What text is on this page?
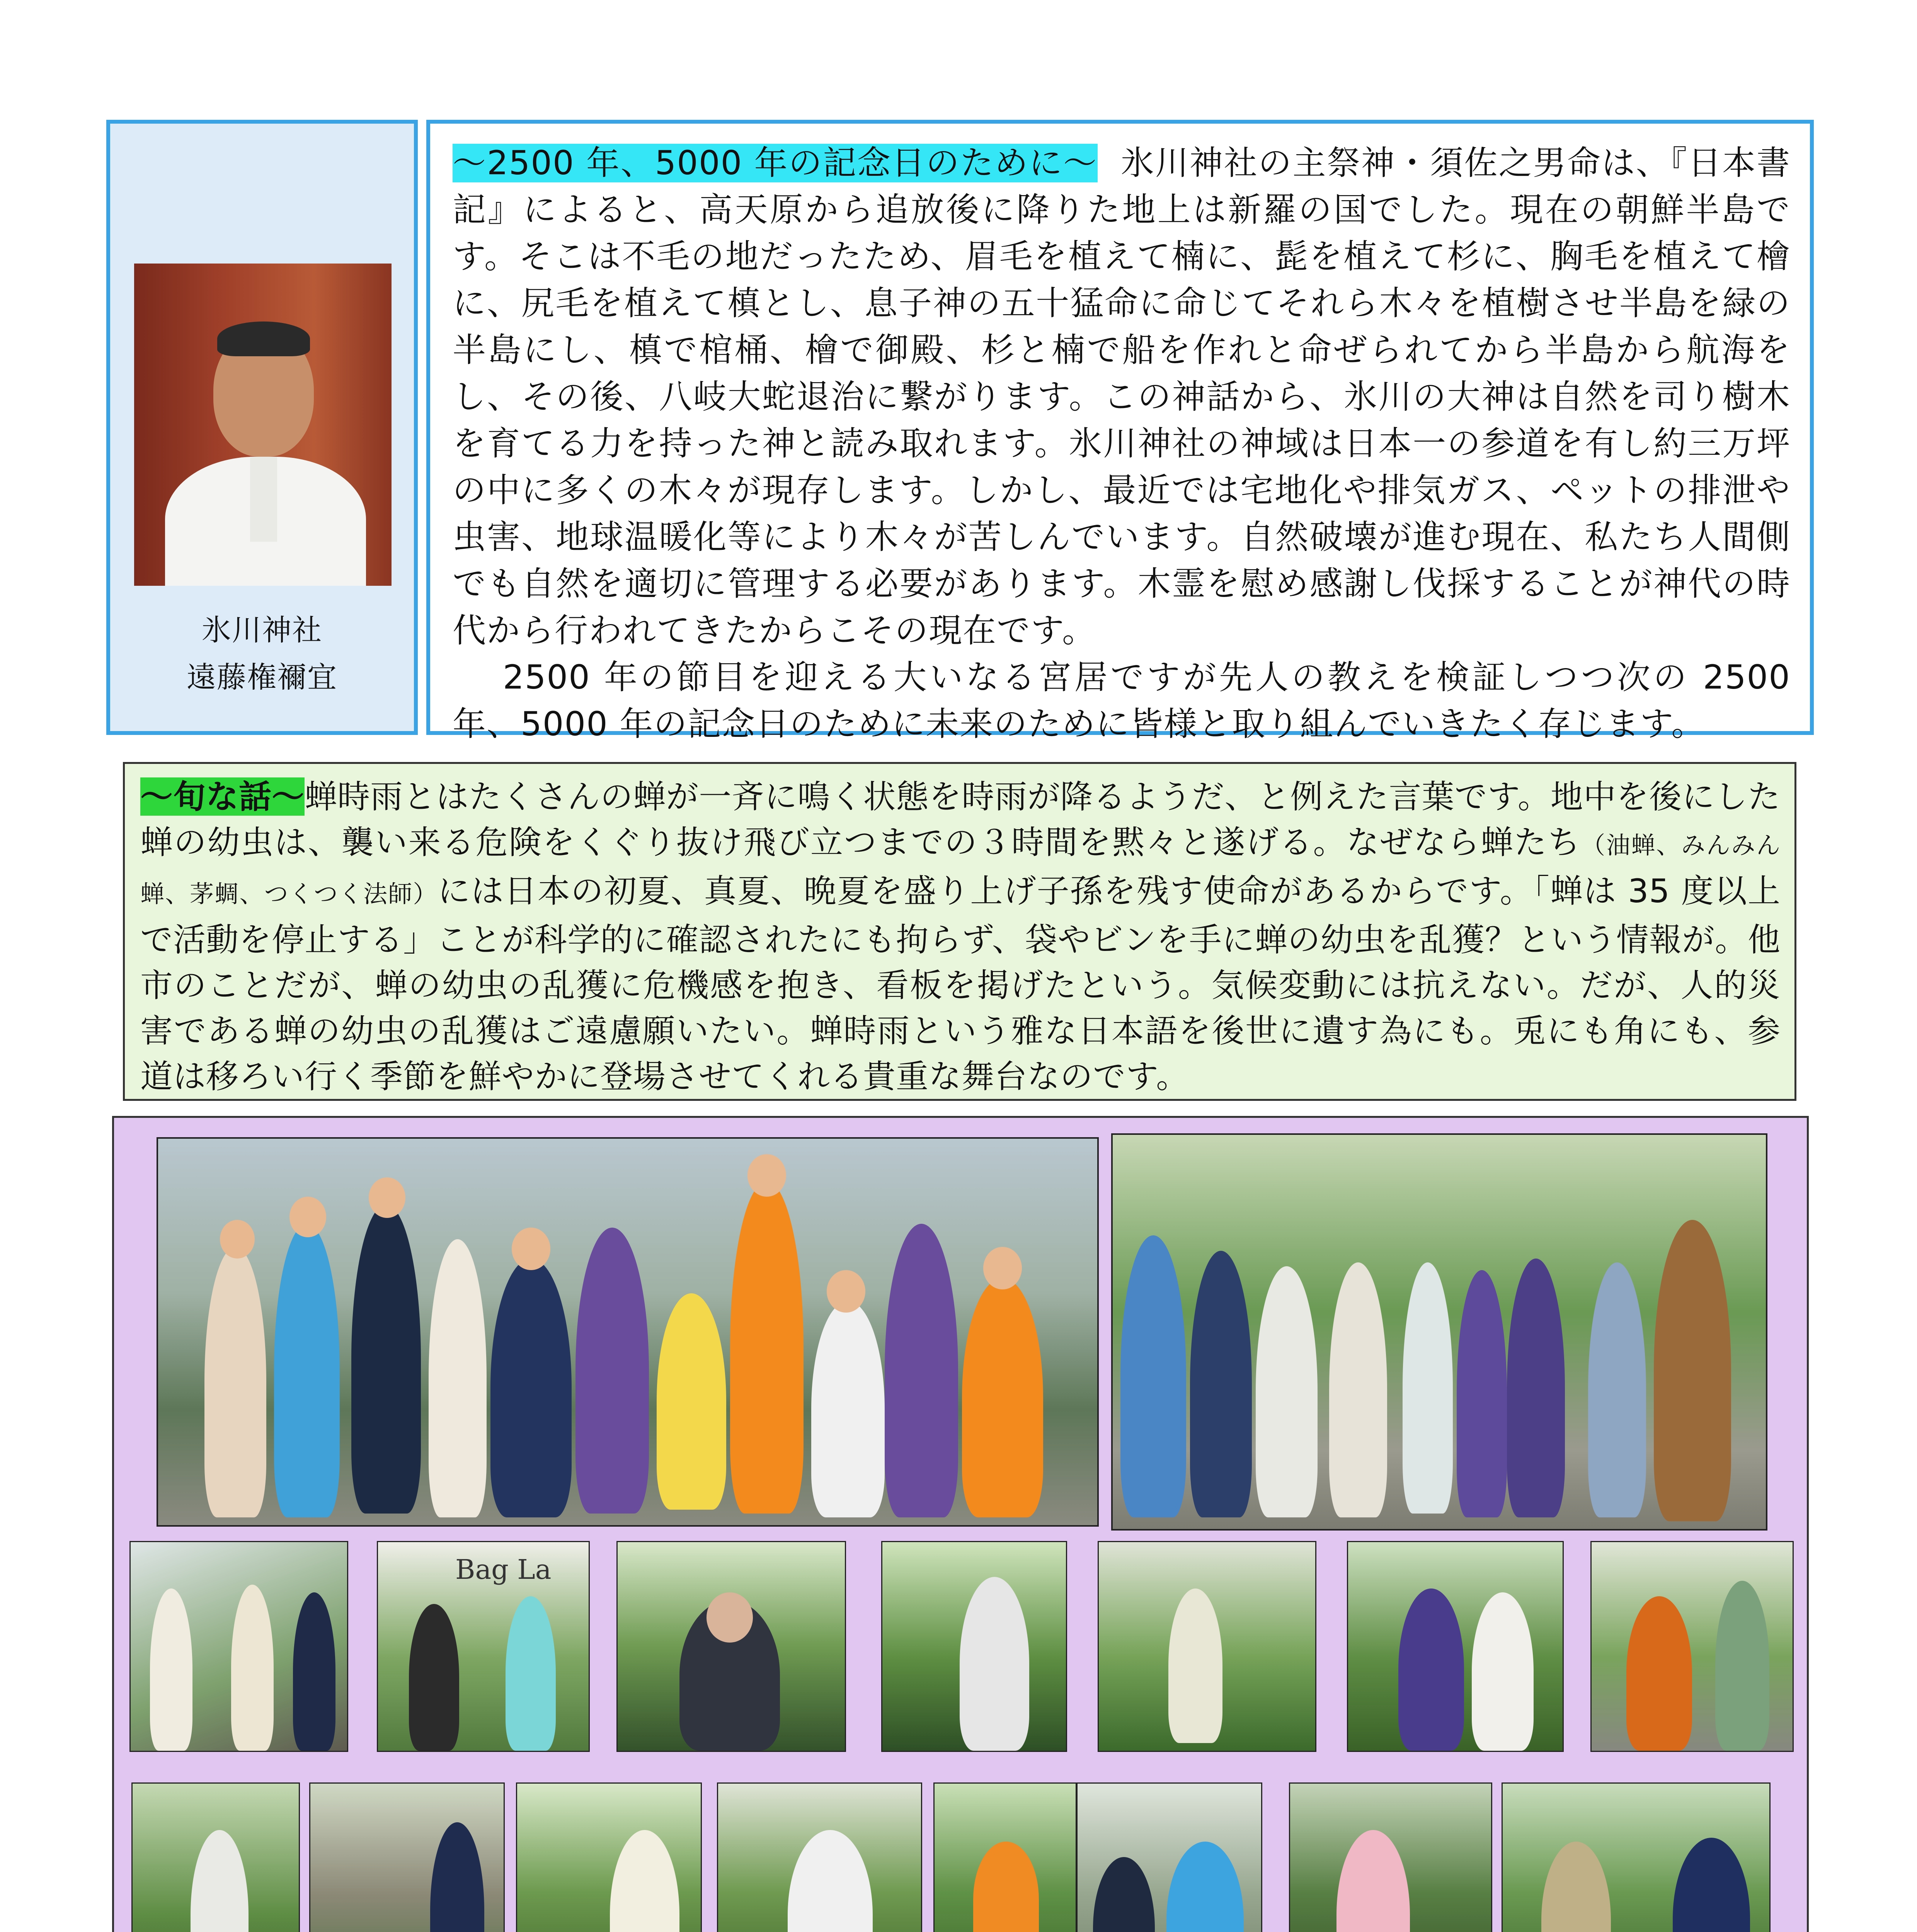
氷川神社
遠藤権禰宜

〜2500 年、5000 年の記念日のために〜 氷川神社の主祭神・須佐之男命は、『日本書記』によると、高天原から追放後に降りた地上は新羅の国でした。現在の朝鮮半島です。そこは不毛の地だったため、眉毛を植えて楠に、髭を植えて杉に、胸毛を植えて檜に、尻毛を植えて槙とし、息子神の五十猛命に命じてそれら木々を植樹させ半島を緑の半島にし、槙で棺桶、檜で御殿、杉と楠で船を作れと命ぜられてから半島から航海をし、その後、八岐大蛇退治に繋がります。この神話から、氷川の大神は自然を司り樹木を育てる力を持った神と読み取れます。氷川神社の神域は日本一の参道を有し約三万坪の中に多くの木々が現存します。しかし、最近では宅地化や排気ガス、ペットの排泄や虫害、地球温暖化等により木々が苦しんでいます。自然破壊が進む現在、私たち人間側でも自然を適切に管理する必要があります。木霊を慰め感謝し伐採することが神代の時代から行われてきたからこその現在です。

2500 年の節目を迎える大いなる宮居ですが先人の教えを検証しつつ次の 2500 年、5000 年の記念日のために未来のために皆様と取り組んでいきたく存じます。

〜旬な話〜蝉時雨とはたくさんの蝉が一斉に鳴く状態を時雨が降るようだ、と例えた言葉です。地中を後にした蝉の幼虫は、襲い来る危険をくぐり抜け飛び立つまでの３時間を黙々と遂げる。なぜなら蝉たち（油蝉、みんみん蝉、茅蜩、つくつく法師）には日本の初夏、真夏、晩夏を盛り上げ子孫を残す使命があるからです。「蝉は 35 度以上で活動を停止する」ことが科学的に確認されたにも拘らず、袋やビンを手に蝉の幼虫を乱獲？という情報が。他市のことだが、蝉の幼虫の乱獲に危機感を抱き、看板を掲げたという。気候変動には抗えない。だが、人的災害である蝉の幼虫の乱獲はご遠慮願いたい。蝉時雨という雅な日本語を後世に遺す為にも。兎にも角にも、参道は移ろい行く季節を鮮やかに登場させてくれる貴重な舞台なのです。

Bag La
